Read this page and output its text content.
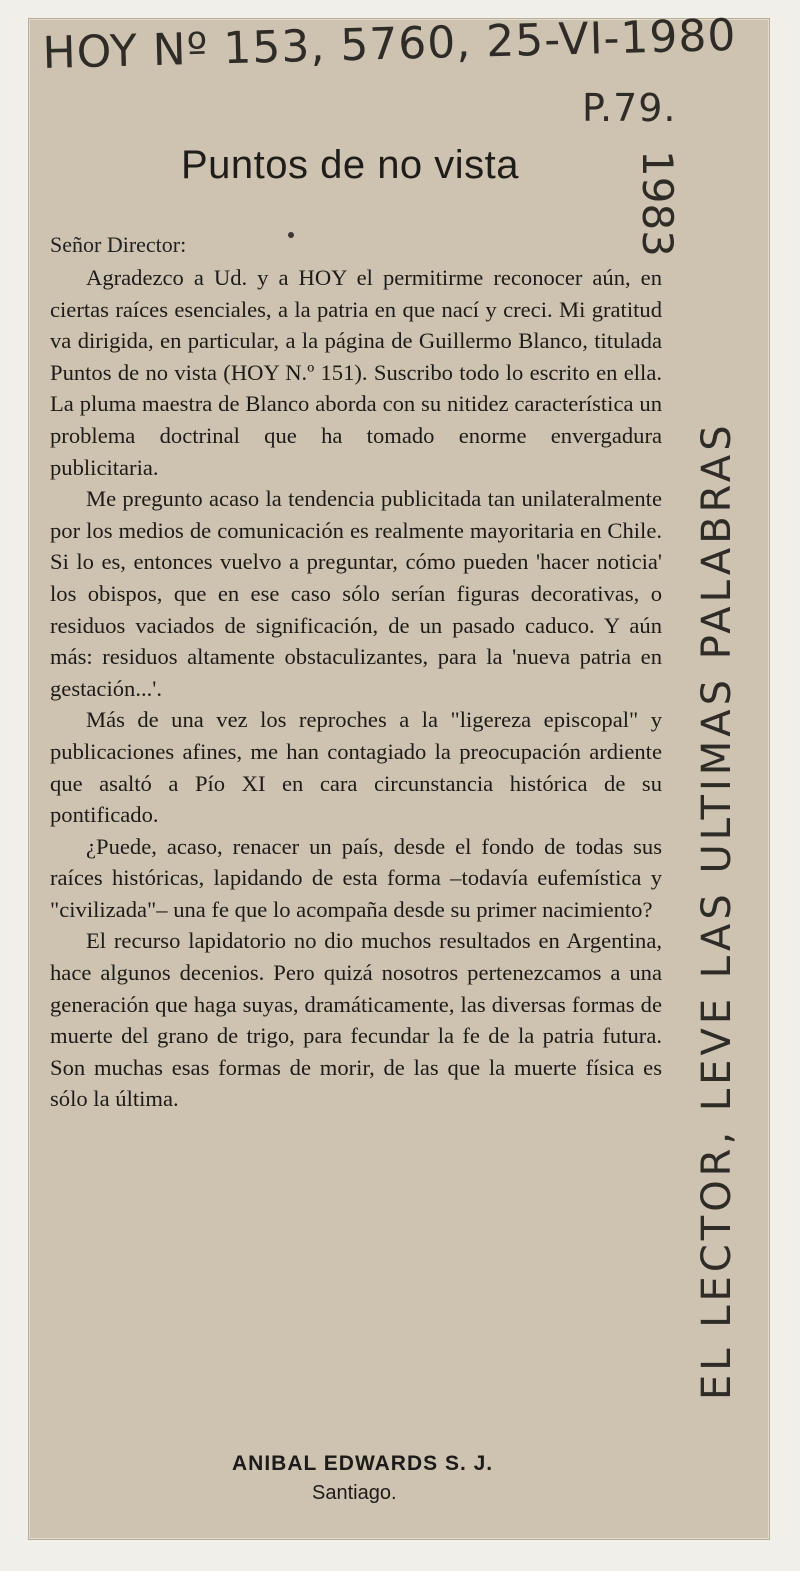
HOY Nº 153, 5760, 25-VI-1980
P.79.
EL LECTOR, LEVE LAS ULTIMAS PALABRAS
Puntos de no vista
Señor Director:

Agradezco a Ud. y a HOY el permitirme reconocer aún, en ciertas raíces esenciales, a la patria en que nací y creci. Mi gratitud va dirigida, en particular, a la página de Guillermo Blanco, titulada Puntos de no vista (HOY N.º 151). Suscribo todo lo escrito en ella. La pluma maestra de Blanco aborda con su nitidez característica un problema doctrinal que ha tomado enorme envergadura publicitaria.

Me pregunto acaso la tendencia publicitada tan unilateralmente por los medios de comunicación es realmente mayoritaria en Chile. Si lo es, entonces vuelvo a preguntar, cómo pueden 'hacer noticia' los obispos, que en ese caso sólo serían figuras decorativas, o residuos vaciados de significación, de un pasado caduco. Y aún más: residuos altamente obstaculizantes, para la 'nueva patria en gestación...'.

Más de una vez los reproches a la "ligereza episcopal" y publicaciones afines, me han contagiado la preocupación ardiente que asaltó a Pío XI en cara circunstancia histórica de su pontificado.

¿Puede, acaso, renacer un país, desde el fondo de todas sus raíces históricas, lapidando de esta forma –todavía eufemística y "civilizada"– una fe que lo acompaña desde su primer nacimiento?

El recurso lapidatorio no dio muchos resultados en Argentina, hace algunos decenios. Pero quizá nosotros pertenezcamos a una generación que haga suyas, dramáticamente, las diversas formas de muerte del grano de trigo, para fecundar la fe de la patria futura. Son muchas esas formas de morir, de las que la muerte física es sólo la última.

ANIBAL EDWARDS S. J.
Santiago.
